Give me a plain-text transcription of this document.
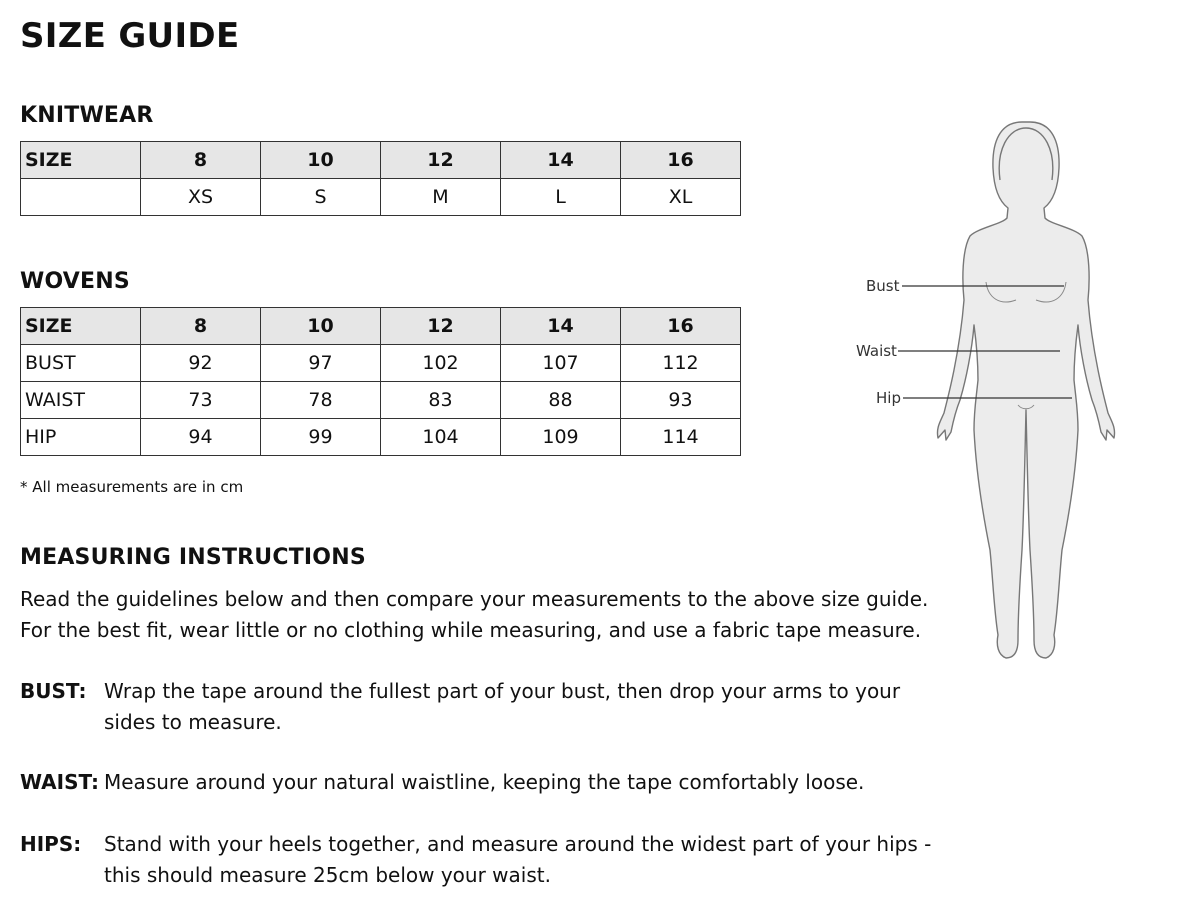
SIZE GUIDE
KNITWEAR
SIZE	8	10	12	14	16
	XS	S	M	L	XL
WOVENS
SIZE	8	10	12	14	16
BUST	92	97	102	107	112
WAIST	73	78	83	88	93
HIP	94	99	104	109	114
* All measurements are in cm
MEASURING INSTRUCTIONS
Read the guidelines below and then compare your measurements to the above size guide.
For the best fit, wear little or no clothing while measuring, and use a fabric tape measure.
BUST: Wrap the tape around the fullest part of your bust, then drop your arms to your sides to measure.
WAIST: Measure around your natural waistline, keeping the tape comfortably loose.
HIPS: Stand with your heels together, and measure around the widest part of your hips - this should measure 25cm below your waist.
Bust
Waist
Hip
